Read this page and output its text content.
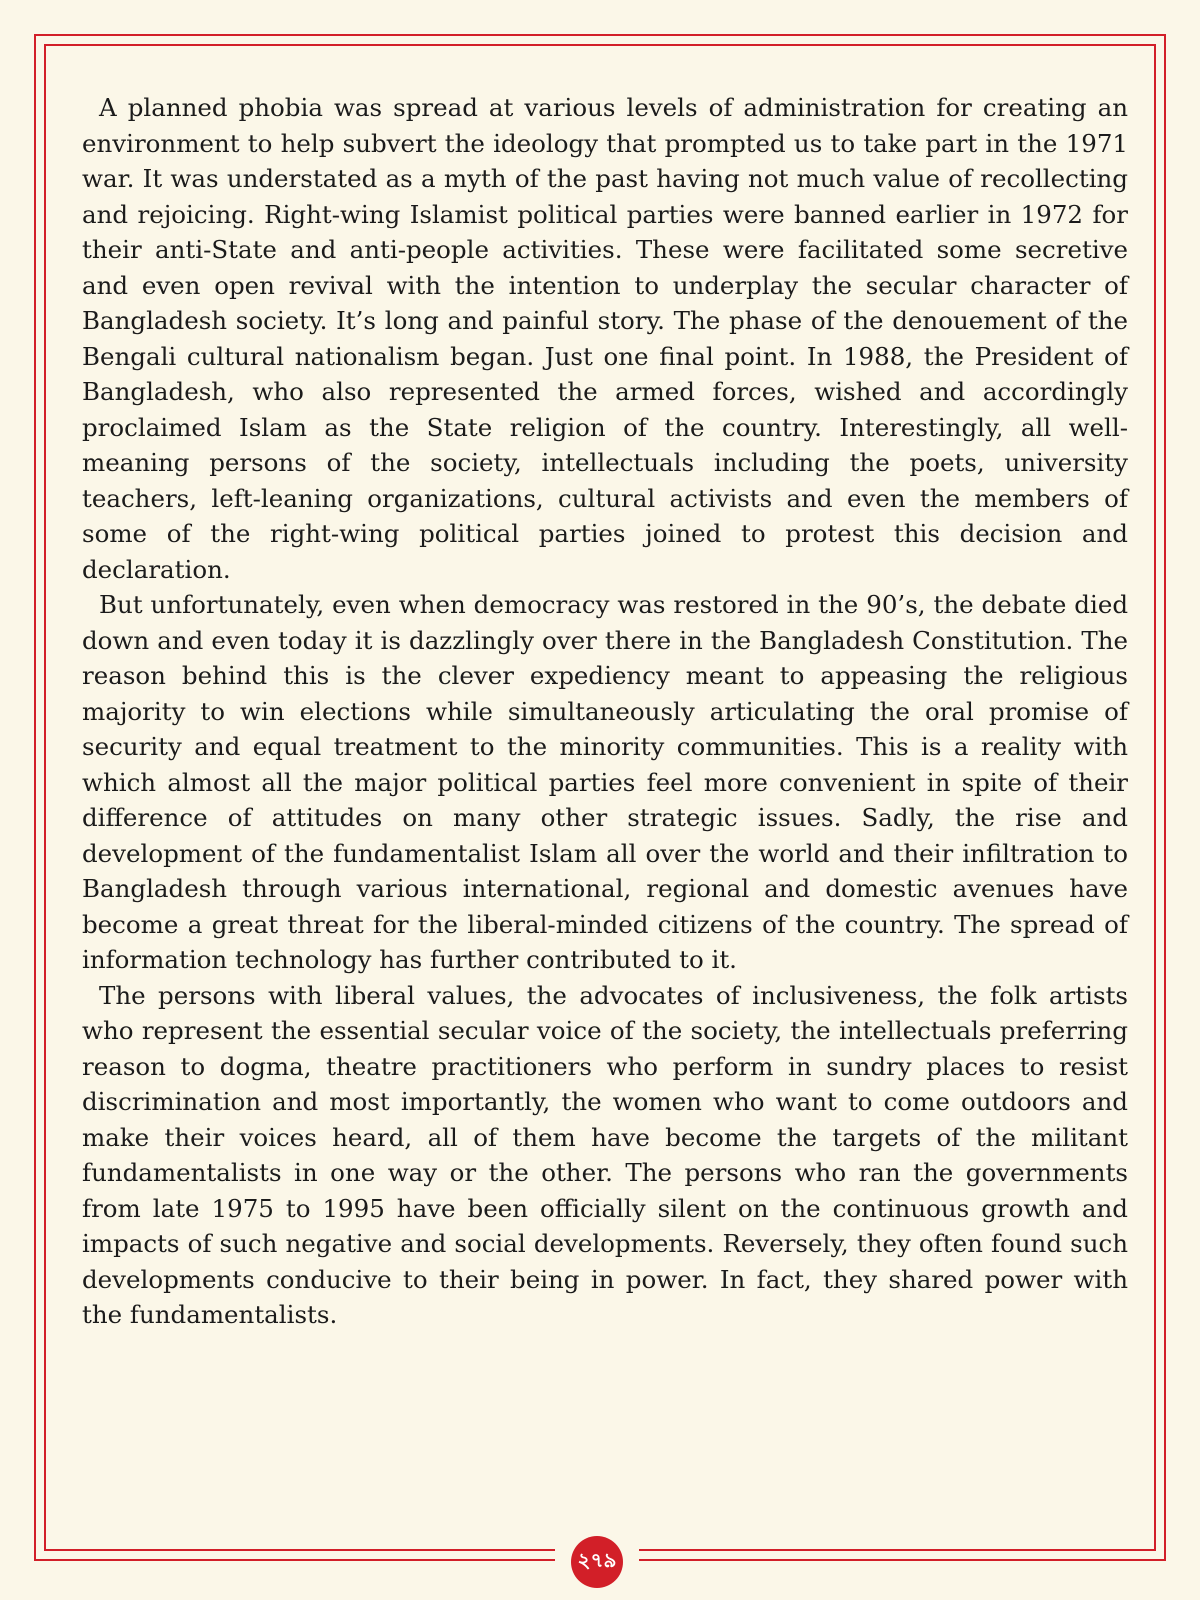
A planned phobia was spread at various levels of administration for creating an environment to help subvert the ideology that prompted us to take part in the 1971 war. It was understated as a myth of the past having not much value of recollecting and rejoicing. Right-wing Islamist political parties were banned earlier in 1972 for their anti-State and anti-people activities. These were facilitated some secretive and even open revival with the intention to underplay the secular character of Bangladesh society. It’s long and painful story. The phase of the denouement of the Bengali cultural nationalism began. Just one final point. In 1988, the President of Bangladesh, who also represented the armed forces, wished and accordingly proclaimed Islam as the State religion of the country. Interestingly, all well-meaning persons of the society, intellectuals including the poets, university teachers, left-leaning organizations, cultural activists and even the members of some of the right-wing political parties joined to protest this decision and declaration.

But unfortunately, even when democracy was restored in the 90’s, the debate died down and even today it is dazzlingly over there in the Bangladesh Constitution. The reason behind this is the clever expediency meant to appeasing the religious majority to win elections while simultaneously articulating the oral promise of security and equal treatment to the minority communities. This is a reality with which almost all the major political parties feel more convenient in spite of their difference of attitudes on many other strategic issues. Sadly, the rise and development of the fundamentalist Islam all over the world and their infiltration to Bangladesh through various international, regional and domestic avenues have become a great threat for the liberal-minded citizens of the country. The spread of information technology has further contributed to it.

The persons with liberal values, the advocates of inclusiveness, the folk artists who represent the essential secular voice of the society, the intellectuals preferring reason to dogma, theatre practitioners who perform in sundry places to resist discrimination and most importantly, the women who want to come outdoors and make their voices heard, all of them have become the targets of the militant fundamentalists in one way or the other. The persons who ran the governments from late 1975 to 1995 have been officially silent on the continuous growth and impacts of such negative and social developments. Reversely, they often found such developments conducive to their being in power. In fact, they shared power with the fundamentalists.

২৭৯
